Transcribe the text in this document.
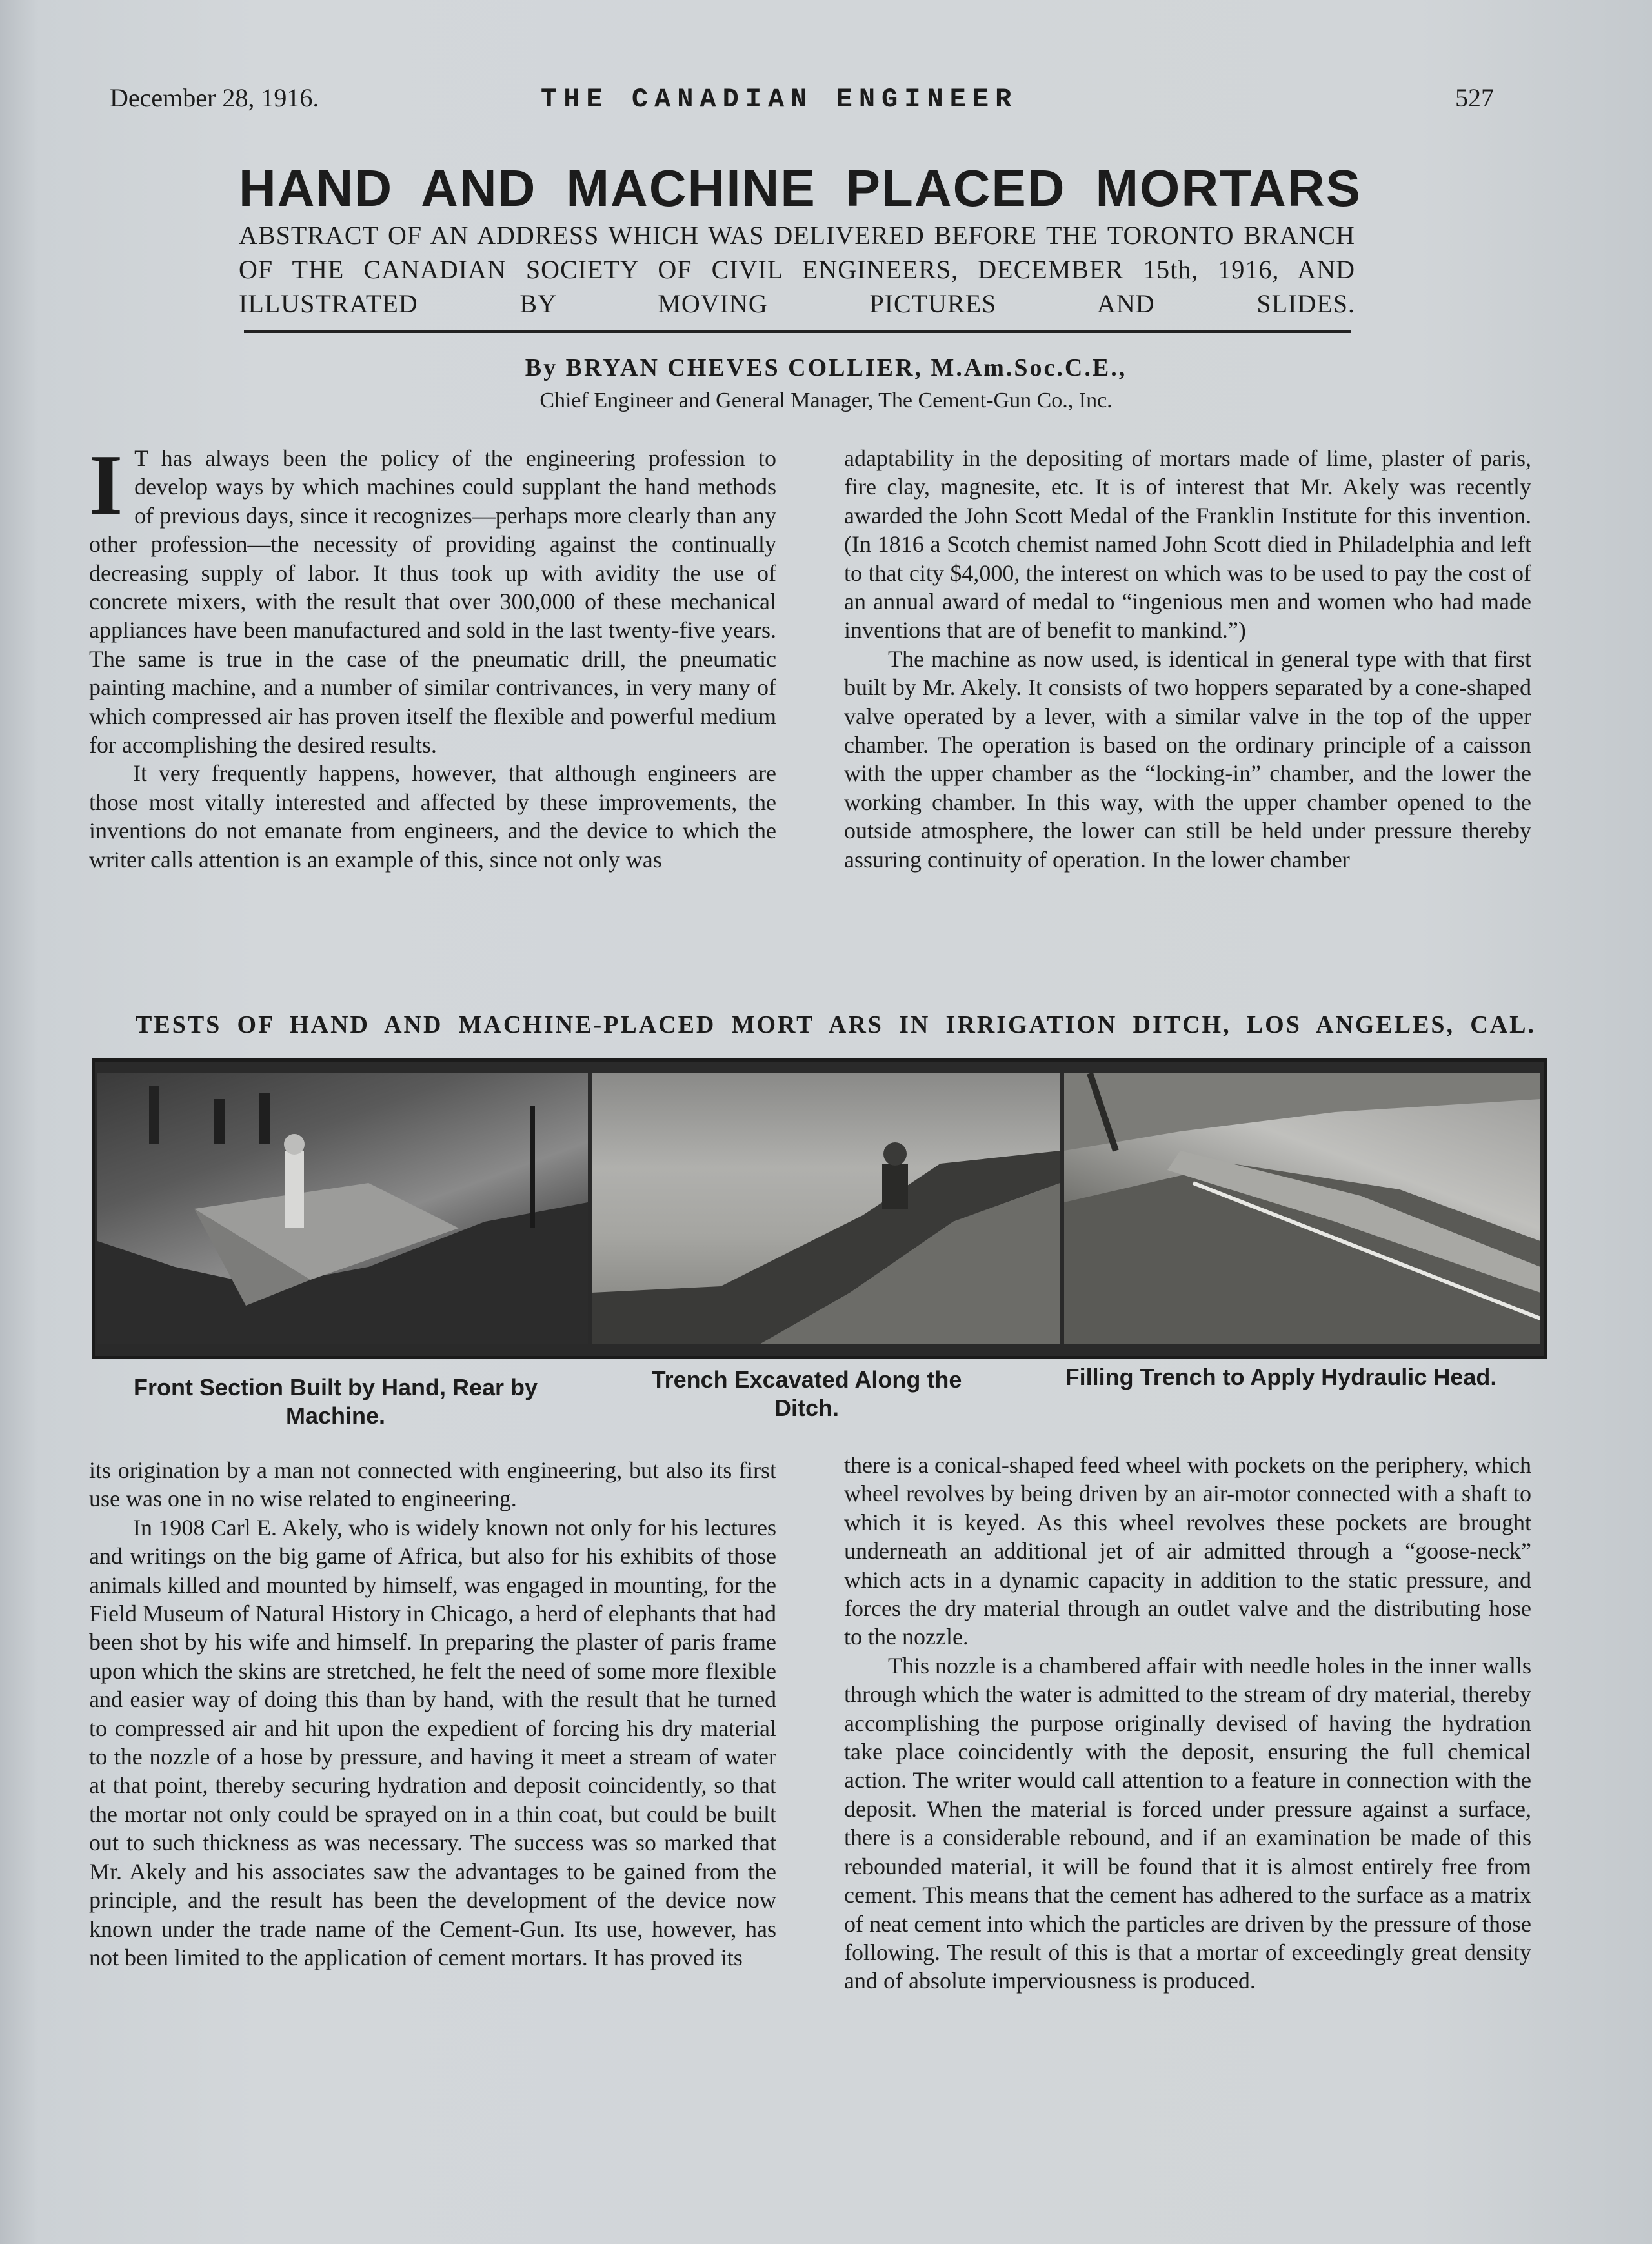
December 28, 1916.	THE CANADIAN ENGINEER	527
HAND AND MACHINE PLACED MORTARS
ABSTRACT OF AN ADDRESS WHICH WAS DELIVERED BEFORE THE TORONTO BRANCH OF THE CANADIAN SOCIETY OF CIVIL ENGINEERS, DECEMBER 15th, 1916, AND ILLUSTRATED BY MOVING PICTURES AND SLIDES.
By BRYAN CHEVES COLLIER, M.Am.Soc.C.E.,
Chief Engineer and General Manager, The Cement-Gun Co., Inc.

I T has always been the policy of the engineering profession to develop ways by which machines could supplant the hand methods of previous days, since it recognizes—perhaps more clearly than any other profession—the necessity of providing against the continually decreasing supply of labor. It thus took up with avidity the use of concrete mixers, with the result that over 300,000 of these mechanical appliances have been manufactured and sold in the last twenty-five years. The same is true in the case of the pneumatic drill, the pneumatic painting machine, and a number of similar contrivances, in very many of which compressed air has proven itself the flexible and powerful medium for accomplishing the desired results.

It very frequently happens, however, that although engineers are those most vitally interested and affected by these improvements, the inventions do not emanate from engineers, and the device to which the writer calls attention is an example of this, since not only was

adaptability in the depositing of mortars made of lime, plaster of paris, fire clay, magnesite, etc. It is of interest that Mr. Akely was recently awarded the John Scott Medal of the Franklin Institute for this invention. (In 1816 a Scotch chemist named John Scott died in Philadelphia and left to that city $4,000, the interest on which was to be used to pay the cost of an annual award of medal to “ingenious men and women who had made inventions that are of benefit to mankind.”)

The machine as now used, is identical in general type with that first built by Mr. Akely. It consists of two hoppers separated by a cone-shaped valve operated by a lever, with a similar valve in the top of the upper chamber. The operation is based on the ordinary principle of a caisson with the upper chamber as the “locking-in” chamber, and the lower the working chamber. In this way, with the upper chamber opened to the outside atmosphere, the lower can still be held under pressure thereby assuring continuity of operation. In the lower chamber

TESTS OF HAND AND MACHINE-PLACED MORT ARS IN IRRIGATION DITCH, LOS ANGELES, CAL.
Front Section Built by Hand, Rear by Machine.
Trench Excavated Along the Ditch.
Filling Trench to Apply Hydraulic Head.

its origination by a man not connected with engineering, but also its first use was one in no wise related to engineering.

In 1908 Carl E. Akely, who is widely known not only for his lectures and writings on the big game of Africa, but also for his exhibits of those animals killed and mounted by himself, was engaged in mounting, for the Field Museum of Natural History in Chicago, a herd of elephants that had been shot by his wife and himself. In preparing the plaster of paris frame upon which the skins are stretched, he felt the need of some more flexible and easier way of doing this than by hand, with the result that he turned to compressed air and hit upon the expedient of forcing his dry material to the nozzle of a hose by pressure, and having it meet a stream of water at that point, thereby securing hydration and deposit coincidently, so that the mortar not only could be sprayed on in a thin coat, but could be built out to such thickness as was necessary. The success was so marked that Mr. Akely and his associates saw the advantages to be gained from the principle, and the result has been the development of the device now known under the trade name of the Cement-Gun. Its use, however, has not been limited to the application of cement mortars. It has proved its

there is a conical-shaped feed wheel with pockets on the periphery, which wheel revolves by being driven by an air-motor connected with a shaft to which it is keyed. As this wheel revolves these pockets are brought underneath an additional jet of air admitted through a “goose-neck” which acts in a dynamic capacity in addition to the static pressure, and forces the dry material through an outlet valve and the distributing hose to the nozzle.

This nozzle is a chambered affair with needle holes in the inner walls through which the water is admitted to the stream of dry material, thereby accomplishing the purpose originally devised of having the hydration take place coincidently with the deposit, ensuring the full chemical action. The writer would call attention to a feature in connection with the deposit. When the material is forced under pressure against a surface, there is a considerable rebound, and if an examination be made of this rebounded material, it will be found that it is almost entirely free from cement. This means that the cement has adhered to the surface as a matrix of neat cement into which the particles are driven by the pressure of those following. The result of this is that a mortar of exceedingly great density and of absolute imperviousness is produced.
